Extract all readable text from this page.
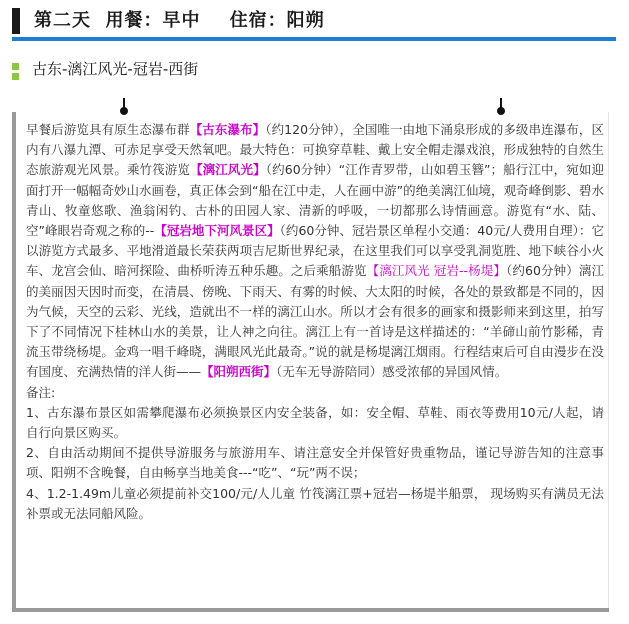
第二天  用餐：早中    住宿：阳朔
古东-漓江风光-冠岩-西街

早餐后游览具有原生态瀑布群【古东瀑布】（约120分钟），全国唯一由地下涌泉形成的多级串连瀑布，区内有八瀑九潭、可赤足享受天然氧吧。最大特色：可换穿草鞋、戴上安全帽走瀑戏浪，形成独特的自然生态旅游观光风景。乘竹筏游览【漓江风光】（约60分钟）“江作青罗带，山如碧玉簪”；船行江中，宛如迎面打开一幅幅奇妙山水画卷，真正体会到“船在江中走，人在画中游”的绝美漓江仙境，观奇峰倒影、碧水青山、牧童悠歌、渔翁闲钓、古朴的田园人家、清新的呼吸，一切都那么诗情画意。游览有“水、陆、空”峰眼岩奇观之称的--【冠岩地下河风景区】（约60分钟、冠岩景区单程小交通：40元/人费用自理）：它以游览方式最多、平地滑道最长荣获两项吉尼斯世界纪录，在这里我们可以享受乳洞览胜、地下峡谷小火车、龙宫会仙、暗河探险、曲桥听涛五种乐趣。之后乘船游览【漓江风光 冠岩--杨堤】（约60分钟）漓江的美丽因天因时而变，在清晨、傍晚、下雨天、有雾的时候、大太阳的时候，各处的景致都是不同的，因为气候，天空的云彩、光线，造就出不一样的漓江山水。所以才会有很多的画家和摄影师来到这里，拍写下了不同情况下桂林山水的美景，让人神之向往。漓江上有一首诗是这样描述的：“羊碲山前竹影稀，青流玉带绕杨堤。金鸡一唱千峰晓，满眼风光此最奇。”说的就是杨堤漓江烟雨。行程结束后可自由漫步在没有国度、充满热情的洋人街——【阳朔西街】（无车无导游陪同）感受浓郁的异国风情。

备注:

1、古东瀑布景区如需攀爬瀑布必须换景区内安全装备，如：安全帽、草鞋、雨衣等费用10元/人起，请自行向景区购买。

2、自由活动期间不提供导游服务与旅游用车、请注意安全并保管好贵重物品，谨记导游告知的注意事项、阳朔不含晚餐，自由畅享当地美食---“吃”、“玩”两不误；

4、1.2-1.49m儿童必须提前补交100/元/人儿童 竹筏漓江票+冠岩—杨堤半船票， 现场购买有满员无法补票或无法同船风险。
